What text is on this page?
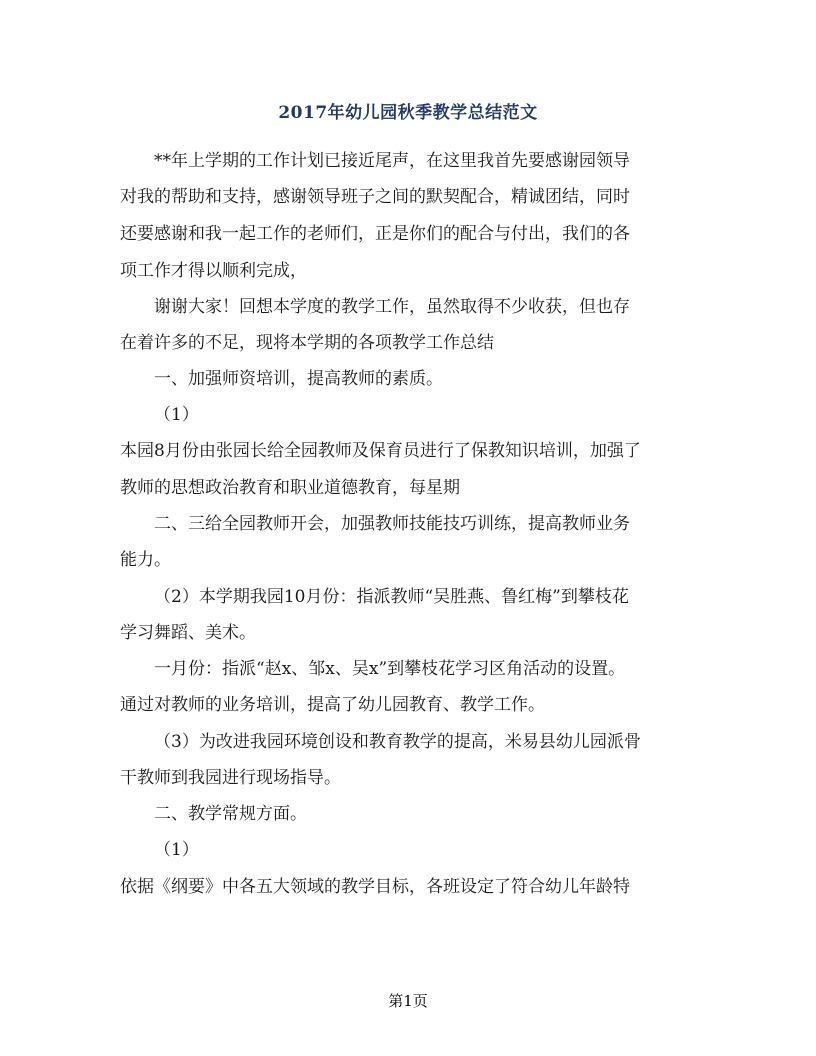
2017年幼儿园秋季教学总结范文
**年上学期的工作计划已接近尾声，在这里我首先要感谢园领导
对我的帮助和支持，感谢领导班子之间的默契配合，精诚团结，同时
还要感谢和我一起工作的老师们，正是你们的配合与付出，我们的各
项工作才得以顺利完成，
谢谢大家！回想本学度的教学工作，虽然取得不少收获，但也存
在着许多的不足，现将本学期的各项教学工作总结
一、加强师资培训，提高教师的素质。
（1）
本园8月份由张园长给全园教师及保育员进行了保教知识培训，加强了
教师的思想政治教育和职业道德教育，每星期
二、三给全园教师开会，加强教师技能技巧训练，提高教师业务
能力。
（2）本学期我园10月份：指派教师“吴胜燕、鲁红梅”到攀枝花
学习舞蹈、美术。
一月份：指派“赵x、邹x、吴x”到攀枝花学习区角活动的设置。
通过对教师的业务培训，提高了幼儿园教育、教学工作。
（3）为改进我园环境创设和教育教学的提高，米易县幼儿园派骨
干教师到我园进行现场指导。
二、教学常规方面。
（1）
依据《纲要》中各五大领域的教学目标，各班设定了符合幼儿年龄特
第1页
